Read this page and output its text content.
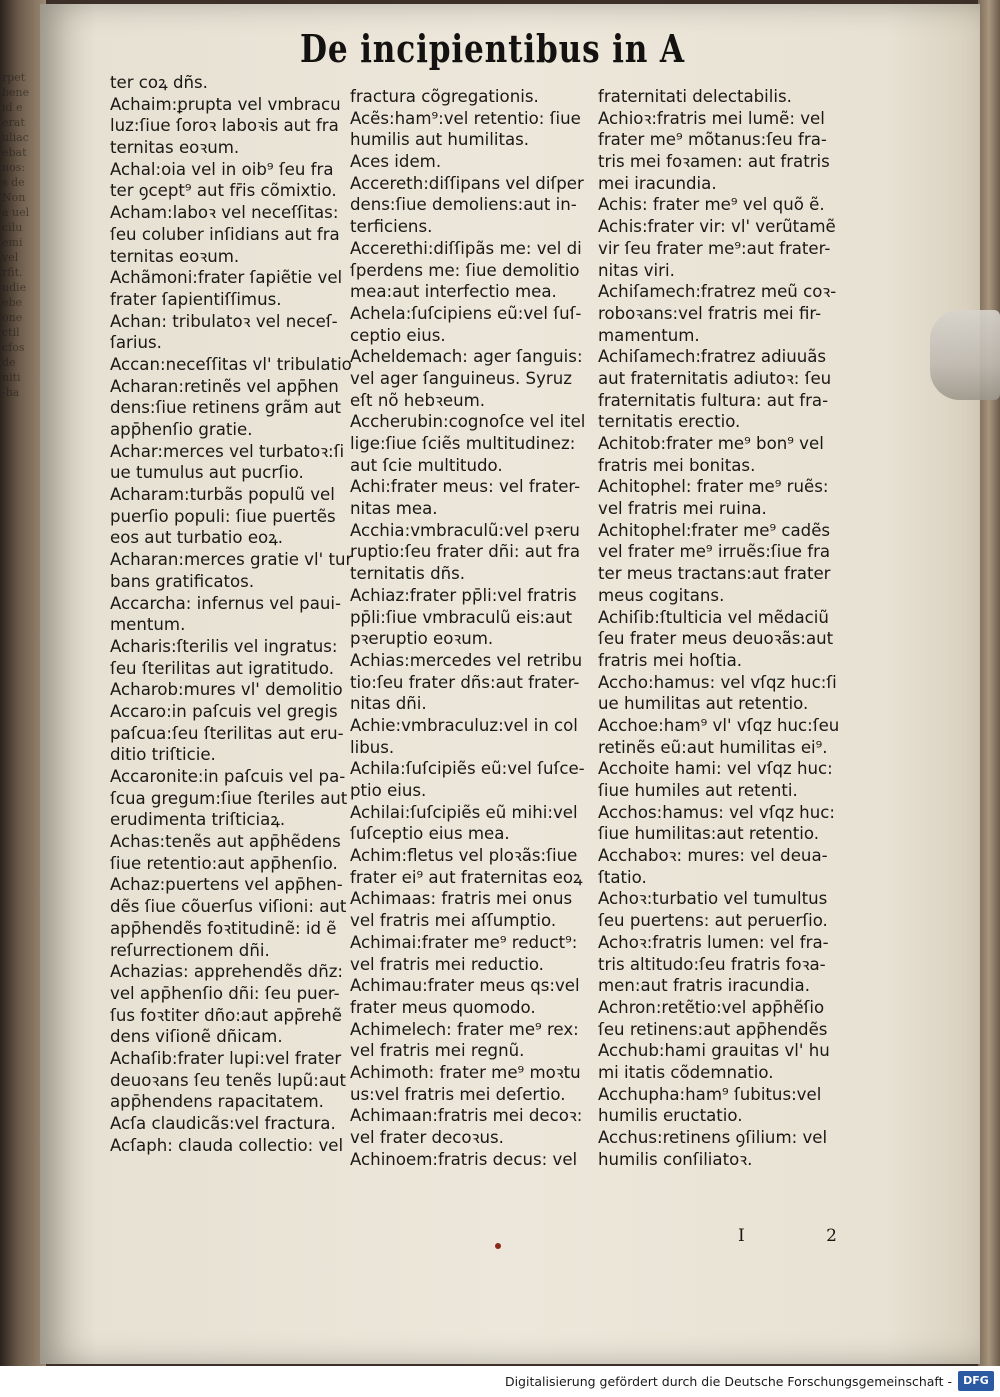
rpet
bene
id e
erat
uliac
ebat
nos:
s de
Non
a uel
cilu
emi
vel
rfit.
udie
ebe
one
ctil
cfos
de
niti
-ha
De incipientibus in A
ter coꝝ dñs.
Achaim:ꝑrupta vel vmbracu
luz:ſiue ſoroꝛ laboꝛis aut fra
ternitas eoꝛum.
Achal:oia vel in oib⁹ ſeu fra
ter ꝯcept⁹ aut fr̄is cõmixtio.
Acham:laboꝛ vel neceſſitas:
ſeu coluber inſidians aut fra
ternitas eoꝛum.
Achãmoni:frater ſapiẽtie vel
frater ſapientiſſimus.
Achan: tribulatoꝛ vel neceſ-
ſarius.
Accan:neceſſitas vl' tribulatio
Acharan:retinẽs vel app̄hen
dens:ſiue retinens grãm aut
app̄henſio gratie.
Achar:merces vel turbatoꝛ:ſi
ue tumulus aut pucrſio.
Acharam:turbãs populũ vel
puerſio populi: ſiue puertẽs
eos aut turbatio eoꝝ.
Acharan:merces gratie vl' tur
bans gratificatos.
Accarcha: infernus vel paui-
mentum.
Acharis:ſterilis vel ingratus:
ſeu ſterilitas aut igratitudo.
Acharob:mures vl' demolitio
Accaro:in paſcuis vel gregis
paſcua:ſeu ſterilitas aut eru-
ditio triſticie.
Accaronite:in paſcuis vel pa-
ſcua gregum:ſiue ſteriles aut
erudimenta triſticiaꝝ.
Achas:tenẽs aut app̄hẽdens
ſiue retentio:aut app̄henſio.
Achaz:puertens vel app̄hen-
dẽs ſiue cõuerſus viſioni: aut
app̄hendẽs foꝛtitudinẽ: id ẽ
reſurrectionem dñi.
Achazias: apprehendẽs dñz:
vel app̄henſio dñi: ſeu puer-
ſus foꝛtiter dño:aut app̄rehẽ
dens viſionẽ dñicam.
Achaſib:frater lupi:vel frater
deuoꝛans ſeu tenẽs lupũ:aut
app̄hendens rapacitatem.
Acſa claudicãs:vel fractura.
Acſaph: clauda collectio: vel
fractura cõgregationis.
Acẽs:ham⁹:vel retentio: ſiue
humilis aut humilitas.
Aces idem.
Accereth:diſſipans vel diſper
dens:ſiue demoliens:aut in-
terficiens.
Accerethi:diſſipãs me: vel di
ſperdens me: ſiue demolitio
mea:aut interfectio mea.
Achela:ſuſcipiens eũ:vel ſuſ-
ceptio eius.
Acheldemach: ager ſanguis:
vel ager ſanguineus. Syruz
eſt nõ hebꝛeum.
Accherubin:cognoſce vel itel
lige:ſiue ſciẽs multitudinez:
aut ſcie multitudo.
Achi:frater meus: vel frater-
nitas mea.
Acchia:vmbraculũ:vel pꝛeru
ruptio:ſeu frater dñi: aut fra
ternitatis dñs.
Achiaz:frater pp̄li:vel fratris
pp̄li:ſiue vmbraculũ eis:aut
pꝛeruptio eoꝛum.
Achias:mercedes vel retribu
tio:ſeu frater dñs:aut frater-
nitas dñi.
Achie:vmbraculuz:vel in col
libus.
Achila:ſuſcipiẽs eũ:vel ſuſce-
ptio eius.
Achilai:ſuſcipiẽs eũ mihi:vel
ſuſceptio eius mea.
Achim:fletus vel ploꝛãs:ſiue
frater ei⁹ aut fraternitas eoꝝ
Achimaas: fratris mei onus
vel fratris mei aſſumptio.
Achimai:frater me⁹ reduct⁹:
vel fratris mei reductio.
Achimau:frater meus qs:vel
frater meus quomodo.
Achimelech: frater me⁹ rex:
vel fratris mei regnũ.
Achimoth: frater me⁹ moꝛtu
us:vel fratris mei deſertio.
Achimaan:fratris mei decoꝛ:
vel frater decoꝛus.
Achinoem:fratris decus: vel
fraternitati delectabilis.
Achioꝛ:fratris mei lumẽ: vel
frater me⁹ mõtanus:ſeu fra-
tris mei foꝛamen: aut fratris
mei iracundia.
Achis: frater me⁹ vel quõ ẽ.
Achis:frater vir: vl' verũtamẽ
vir ſeu frater me⁹:aut frater-
nitas viri.
Achiſamech:fratrez meũ coꝛ-
roboꝛans:vel fratris mei fir-
mamentum.
Achiſamech:fratrez adiuuãs
aut fraternitatis adiutoꝛ: ſeu
fraternitatis fultura: aut fra-
ternitatis erectio.
Achitob:frater me⁹ bon⁹ vel
fratris mei bonitas.
Achitophel: frater me⁹ ruẽs:
vel fratris mei ruina.
Achitophel:frater me⁹ cadẽs
vel frater me⁹ irruẽs:ſiue fra
ter meus tractans:aut frater
meus cogitans.
Achiſib:ſtulticia vel mẽdaciũ
ſeu frater meus deuoꝛãs:aut
fratris mei hoſtia.
Accho:hamus: vel vſqz huc:ſi
ue humilitas aut retentio.
Acchoe:ham⁹ vl' vſqz huc:ſeu
retinẽs eũ:aut humilitas ei⁹.
Acchoite hami: vel vſqz huc:
ſiue humiles aut retenti.
Acchos:hamus: vel vſqz huc:
ſiue humilitas:aut retentio.
Acchaboꝛ: mures: vel deua-
ſtatio.
Achoꝛ:turbatio vel tumultus
ſeu puertens: aut peruerſio.
Achoꝛ:fratris lumen: vel fra-
tris altitudo:ſeu fratris foꝛa-
men:aut fratris iracundia.
Achron:retẽtio:vel app̄hẽſio
ſeu retinens:aut app̄hendẽs
Acchub:hami grauitas vl' hu
mi itatis cõdemnatio.
Acchupha:ham⁹ ſubitus:vel
humilis eructatio.
Acchus:retinens ꝯſilium: vel
humilis conſiliatoꝛ.
I 2
Digitalisierung gefördert durch die Deutsche Forschungsgemeinschaft -	DFG
